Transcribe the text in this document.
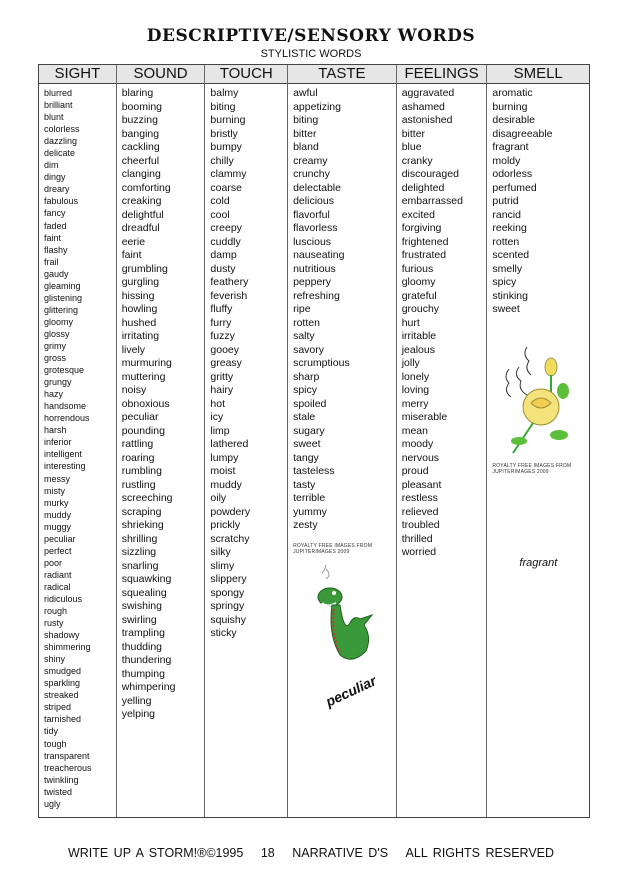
DESCRIPTIVE/SENSORY WORDS
STYLISTIC WORDS
SIGHT
blurred
brilliant
blunt
colorless
dazzling
delicate
dim
dingy
dreary
fabulous
fancy
faded
faint
flashy
frail
gaudy
gleaming
glistening
glittering
gloomy
glossy
grimy
gross
grotesque
grungy
hazy
handsome
horrendous
harsh
inferior
intelligent
interesting
messy
misty
murky
muddy
muggy
peculiar
perfect
poor
radiant
radical
ridiculous
rough
rusty
shadowy
shimmering
shiny
smudged
sparkling
streaked
striped
tarnished
tidy
tough
transparent
treacherous
twinkling
twisted
ugly
SOUND
blaring
booming
buzzing
banging
cackling
cheerful
clanging
comforting
creaking
delightful
dreadful
eerie
faint
grumbling
gurgling
hissing
howling
hushed
irritating
lively
murmuring
muttering
noisy
obnoxious
peculiar
pounding
rattling
roaring
rumbling
rustling
screeching
scraping
shrieking
shrilling
sizzling
snarling
squawking
squealing
swishing
swirling
trampling
thudding
thundering
thumping
whimpering
yelling
yelping
TOUCH
balmy
biting
burning
bristly
bumpy
chilly
clammy
coarse
cold
cool
creepy
cuddly
damp
dusty
feathery
feverish
fluffy
furry
fuzzy
gooey
greasy
gritty
hairy
hot
icy
limp
lathered
lumpy
moist
muddy
oily
powdery
prickly
scratchy
silky
slimy
slippery
spongy
springy
squishy
sticky
TASTE
awful
appetizing
biting
bitter
bland
creamy
crunchy
delectable
delicious
flavorful
flavorless
luscious
nauseating
nutritious
peppery
refreshing
ripe
rotten
salty
savory
scrumptious
sharp
spicy
spoiled
stale
sugary
sweet
tangy
tasteless
tasty
terrible
yummy
zesty
ROYALTY FREE IMAGES FROM JUPITERIMAGES 2009
peculiar
FEELINGS
aggravated
ashamed
astonished
bitter
blue
cranky
discouraged
delighted
embarrassed
excited
forgiving
frightened
frustrated
furious
gloomy
grateful
grouchy
hurt
irritable
jealous
jolly
lonely
loving
merry
miserable
mean
moody
nervous
proud
pleasant
restless
relieved
troubled
thrilled
worried
SMELL
aromatic
burning
desirable
disagreeable
fragrant
moldy
odorless
perfumed
putrid
rancid
reeking
rotten
scented
smelly
spicy
stinking
sweet
ROYALTY FREE IMAGES FROM JUPITERIMAGES 2009
fragrant
WRITE UP A STORM!®©1995 18 NARRATIVE D'S ALL RIGHTS RESERVED
